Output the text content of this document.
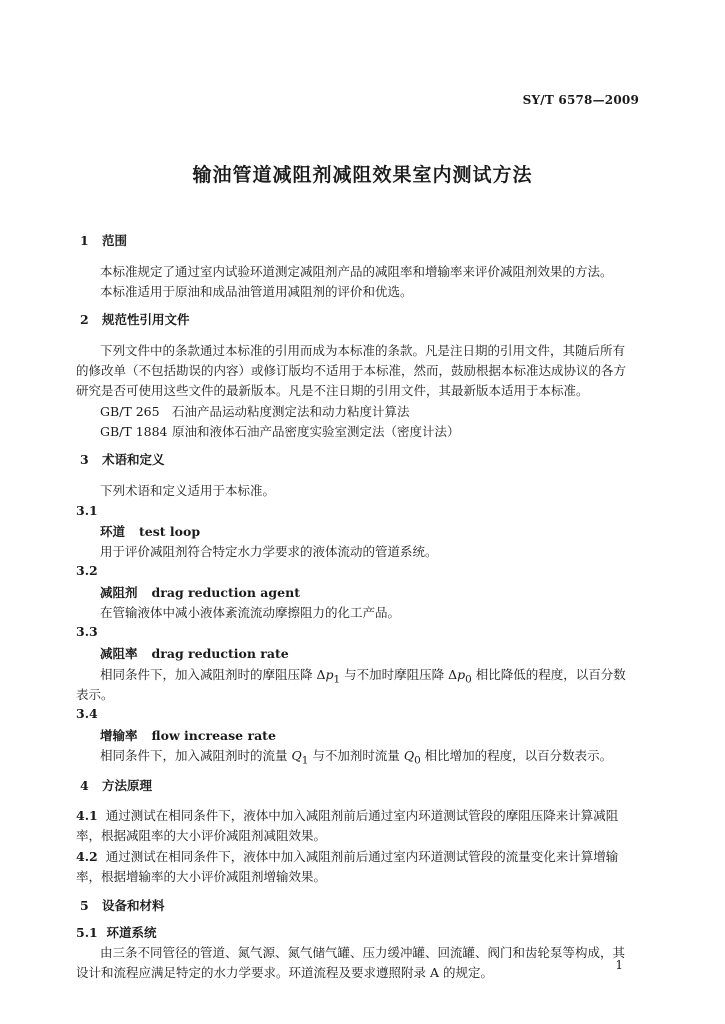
SY/T 6578—2009
输油管道减阻剂减阻效果室内测试方法
1 范围
本标准规定了通过室内试验环道测定减阻剂产品的减阻率和增输率来评价减阻剂效果的方法。
本标准适用于原油和成品油管道用减阻剂的评价和优选。
2 规范性引用文件
下列文件中的条款通过本标准的引用而成为本标准的条款。凡是注日期的引用文件，其随后所有
的修改单（不包括勘误的内容）或修订版均不适用于本标准，然而，鼓励根据本标准达成协议的各方
研究是否可使用这些文件的最新版本。凡是不注日期的引用文件，其最新版本适用于本标准。
GB/T 265 石油产品运动粘度测定法和动力粘度计算法
GB/T 1884 原油和液体石油产品密度实验室测定法（密度计法）
3 术语和定义
下列术语和定义适用于本标准。
3.1
环道 test loop
用于评价减阻剂符合特定水力学要求的液体流动的管道系统。
3.2
减阻剂 drag reduction agent
在管输液体中减小液体紊流流动摩擦阻力的化工产品。
3.3
减阻率 drag reduction rate
相同条件下，加入减阻剂时的摩阻压降 $\Delta p_1$ 与不加时摩阻压降 $\Delta p_0$ 相比降低的程度，以百分数
表示。
3.4
增输率 flow increase rate
相同条件下，加入减阻剂时的流量 $Q_1$ 与不加剂时流量 $Q_0$ 相比增加的程度，以百分数表示。
4 方法原理
4.1 通过测试在相同条件下，液体中加入减阻剂前后通过室内环道测试管段的摩阻压降来计算减阻
率，根据减阻率的大小评价减阻剂减阻效果。
4.2 通过测试在相同条件下，液体中加入减阻剂前后通过室内环道测试管段的流量变化来计算增输
率，根据增输率的大小评价减阻剂增输效果。
5 设备和材料
5.1 环道系统
由三条不同管径的管道、氮气源、氮气储气罐、压力缓冲罐、回流罐、阀门和齿轮泵等构成，其
设计和流程应满足特定的水力学要求。环道流程及要求遵照附录 A 的规定。	1
